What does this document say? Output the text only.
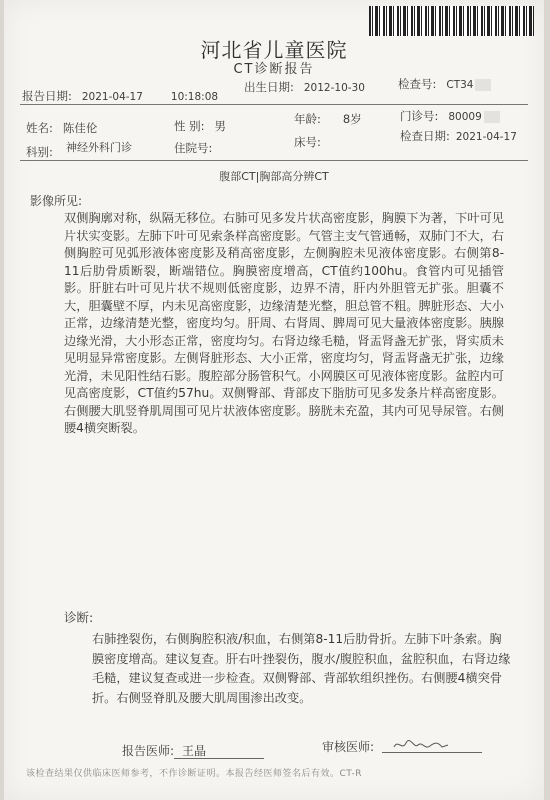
河北省儿童医院
CT诊断报告
报告日期: 2021-04-17	10:18:08
出生日期: 2012-10-30	检查号: CT34
姓名: 陈佳伦	性 别: 男	年龄: 8岁	门诊号: 80009
科别: 神经外科门诊	住院号:	床号:	检查日期: 2021-04-17
腹部CT|胸部高分辨CT
影像所见:
双侧胸廓对称，纵隔无移位。右肺可见多发片状高密度影，胸膜下为著，下叶可见片状实变影。左肺下叶可见索条样高密度影。气管主支气管通畅，双肺门不大，右侧胸腔可见弧形液体密度影及稍高密度影，左侧胸腔未见液体密度影。右侧第8-11后肋骨质断裂，断端错位。胸膜密度增高，CT值约100hu。食管内可见插管影。肝脏右叶可见片状不规则低密度影，边界不清，肝内外胆管无扩张。胆囊不大，胆囊壁不厚，内未见高密度影，边缘清楚光整，胆总管不粗。脾脏形态、大小正常，边缘清楚光整，密度均匀。肝周、右肾周、脾周可见大量液体密度影。胰腺边缘光滑，大小形态正常，密度均匀。右肾边缘毛糙，肾盂肾盏无扩张，肾实质未见明显异常密度影。左侧肾脏形态、大小正常，密度均匀，肾盂肾盏无扩张，边缘光滑，未见阳性结石影。腹腔部分肠管积气。小网膜区可见液体密度影。盆腔内可见高密度影，CT值约57hu。双侧臀部、背部皮下脂肪可见多发条片样高密度影。右侧腰大肌竖脊肌周围可见片状液体密度影。膀胱未充盈，其内可见导尿管。右侧腰4横突断裂。
诊断:
右肺挫裂伤，右侧胸腔积液/积血，右侧第8-11后肋骨折。左肺下叶条索。胸膜密度增高。建议复查。肝右叶挫裂伤，腹水/腹腔积血，盆腔积血，右肾边缘毛糙，建议复查或进一步检查。双侧臀部、背部软组织挫伤。右侧腰4横突骨折。右侧竖脊肌及腰大肌周围渗出改变。
报告医师: 王晶	审核医师:
该检查结果仅供临床医师参考，不作诊断证明。本报告经医师签名后有效。CT-R
